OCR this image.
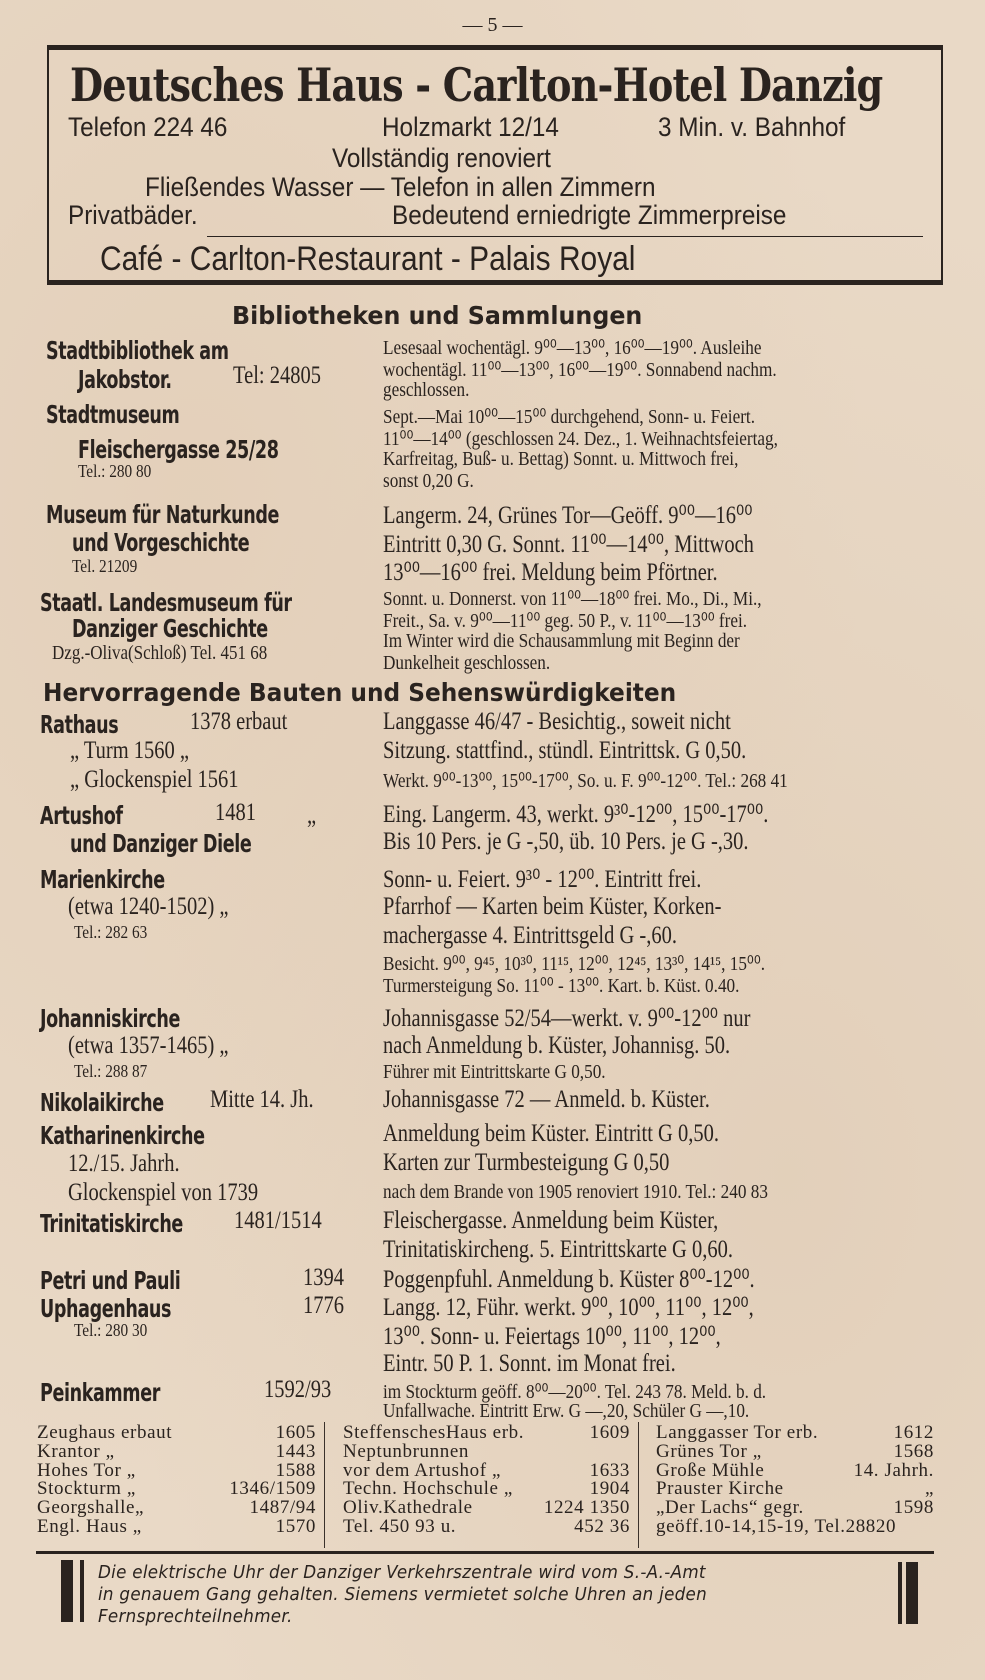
— 5 —
Deutsches Haus - Carlton-Hotel Danzig
Telefon 224 46	Holzmarkt 12/14	3 Min. v. Bahnhof
Vollständig renoviert
Fließendes Wasser — Telefon in allen Zimmern
Privatbäder.	Bedeutend erniedrigte Zimmerpreise
Café - Carlton-Restaurant - Palais Royal
Bibliotheken und Sammlungen
Stadtbibliothek am
Jakobstor. Tel: 24805
Lesesaal wochentägl. 9⁰⁰—13⁰⁰, 16⁰⁰—19⁰⁰. Ausleihe
wochentägl. 11⁰⁰—13⁰⁰, 16⁰⁰—19⁰⁰. Sonnabend nachm.
geschlossen.
Stadtmuseum
Fleischergasse 25/28
Tel.: 280 80
Sept.—Mai 10⁰⁰—15⁰⁰ durchgehend, Sonn- u. Feiert.
11⁰⁰—14⁰⁰ (geschlossen 24. Dez., 1. Weihnachtsfeiertag,
Karfreitag, Buß- u. Bettag) Sonnt. u. Mittwoch frei,
sonst 0,20 G.
Museum für Naturkunde
und Vorgeschichte
Tel. 21209
Langerm. 24, Grünes Tor—Geöff. 9⁰⁰—16⁰⁰
Eintritt 0,30 G. Sonnt. 11⁰⁰—14⁰⁰, Mittwoch
13⁰⁰—16⁰⁰ frei. Meldung beim Pförtner.
Staatl. Landesmuseum für
Danziger Geschichte
Dzg.-Oliva(Schloß) Tel. 451 68
Sonnt. u. Donnerst. von 11⁰⁰—18⁰⁰ frei. Mo., Di., Mi.,
Freit., Sa. v. 9⁰⁰—11⁰⁰ geg. 50 P., v. 11⁰⁰—13⁰⁰ frei.
Im Winter wird die Schausammlung mit Beginn der
Dunkelheit geschlossen.
Hervorragende Bauten und Sehenswürdigkeiten
Rathaus	1378 erbaut
„ Turm 1560 „
„ Glockenspiel 1561
Langgasse 46/47 - Besichtig., soweit nicht
Sitzung. stattfind., stündl. Eintrittsk. G 0,50.
Werkt. 9⁰⁰-13⁰⁰, 15⁰⁰-17⁰⁰, So. u. F. 9⁰⁰-12⁰⁰. Tel.: 268 41
Artushof	1481 „
und Danziger Diele
Eing. Langerm. 43, werkt. 9³⁰-12⁰⁰, 15⁰⁰-17⁰⁰.
Bis 10 Pers. je G -,50, üb. 10 Pers. je G -,30.
Marienkirche
(etwa 1240-1502) „
Tel.: 282 63
Sonn- u. Feiert. 9³⁰ - 12⁰⁰. Eintritt frei.
Pfarrhof — Karten beim Küster, Korken-
machergasse 4. Eintrittsgeld G -,60.
Besicht. 9⁰⁰, 9⁴⁵, 10³⁰, 11¹⁵, 12⁰⁰, 12⁴⁵, 13³⁰, 14¹⁵, 15⁰⁰.
Turmersteigung So. 11⁰⁰ - 13⁰⁰. Kart. b. Küst. 0.40.
Johanniskirche
(etwa 1357-1465) „
Tel.: 288 87
Johannisgasse 52/54—werkt. v. 9⁰⁰-12⁰⁰ nur
nach Anmeldung b. Küster, Johannisg. 50.
Führer mit Eintrittskarte G 0,50.
Nikolaikirche Mitte 14. Jh.	Johannisgasse 72 — Anmeld. b. Küster.
Katharinenkirche
12./15. Jahrh.
Glockenspiel von 1739
Anmeldung beim Küster. Eintritt G 0,50.
Karten zur Turmbesteigung G 0,50
nach dem Brande von 1905 renoviert 1910. Tel.: 240 83
Trinitatiskirche 1481/1514 Fleischergasse. Anmeldung beim Küster,
Trinitatiskircheng. 5. Eintrittskarte G 0,60.
Petri und Pauli	1394 Poggenpfuhl. Anmeldung b. Küster 8⁰⁰-12⁰⁰.
Uphagenhaus	1776
Tel.: 280 30
Langg. 12, Führ. werkt. 9⁰⁰, 10⁰⁰, 11⁰⁰, 12⁰⁰,
13⁰⁰. Sonn- u. Feiertags 10⁰⁰, 11⁰⁰, 12⁰⁰,
Eintr. 50 P. 1. Sonnt. im Monat frei.
Peinkammer	1592/93	im Stockturm geöff. 8⁰⁰—20⁰⁰. Tel. 243 78. Meld. b. d.
Unfallwache. Eintritt Erw. G —,20, Schüler G —,10.
Zeughaus erbaut	1605
Krantor „	1443
Hohes Tor „	1588
Stockturm „	1346/1509
Georgshalle„	1487/94
Engl. Haus „	1570
SteffenschesHaus erb.	1609
Neptunbrunnen
vor dem Artushof „	1633
Techn. Hochschule „	1904
Oliv.Kathedrale	1224 1350
Tel. 450 93 u.	452 36
Langgasser Tor erb.	1612
Grünes Tor „	1568
Große Mühle	14. Jahrh.
Prauster Kirche	„
„Der Lachs“ gegr.	1598
geöff.10-14,15-19, Tel.28820
Die elektrische Uhr der Danziger Verkehrszentrale wird vom S.-A.-Amt
in genauem Gang gehalten. Siemens vermietet solche Uhren an jeden
Fernsprechteilnehmer.
